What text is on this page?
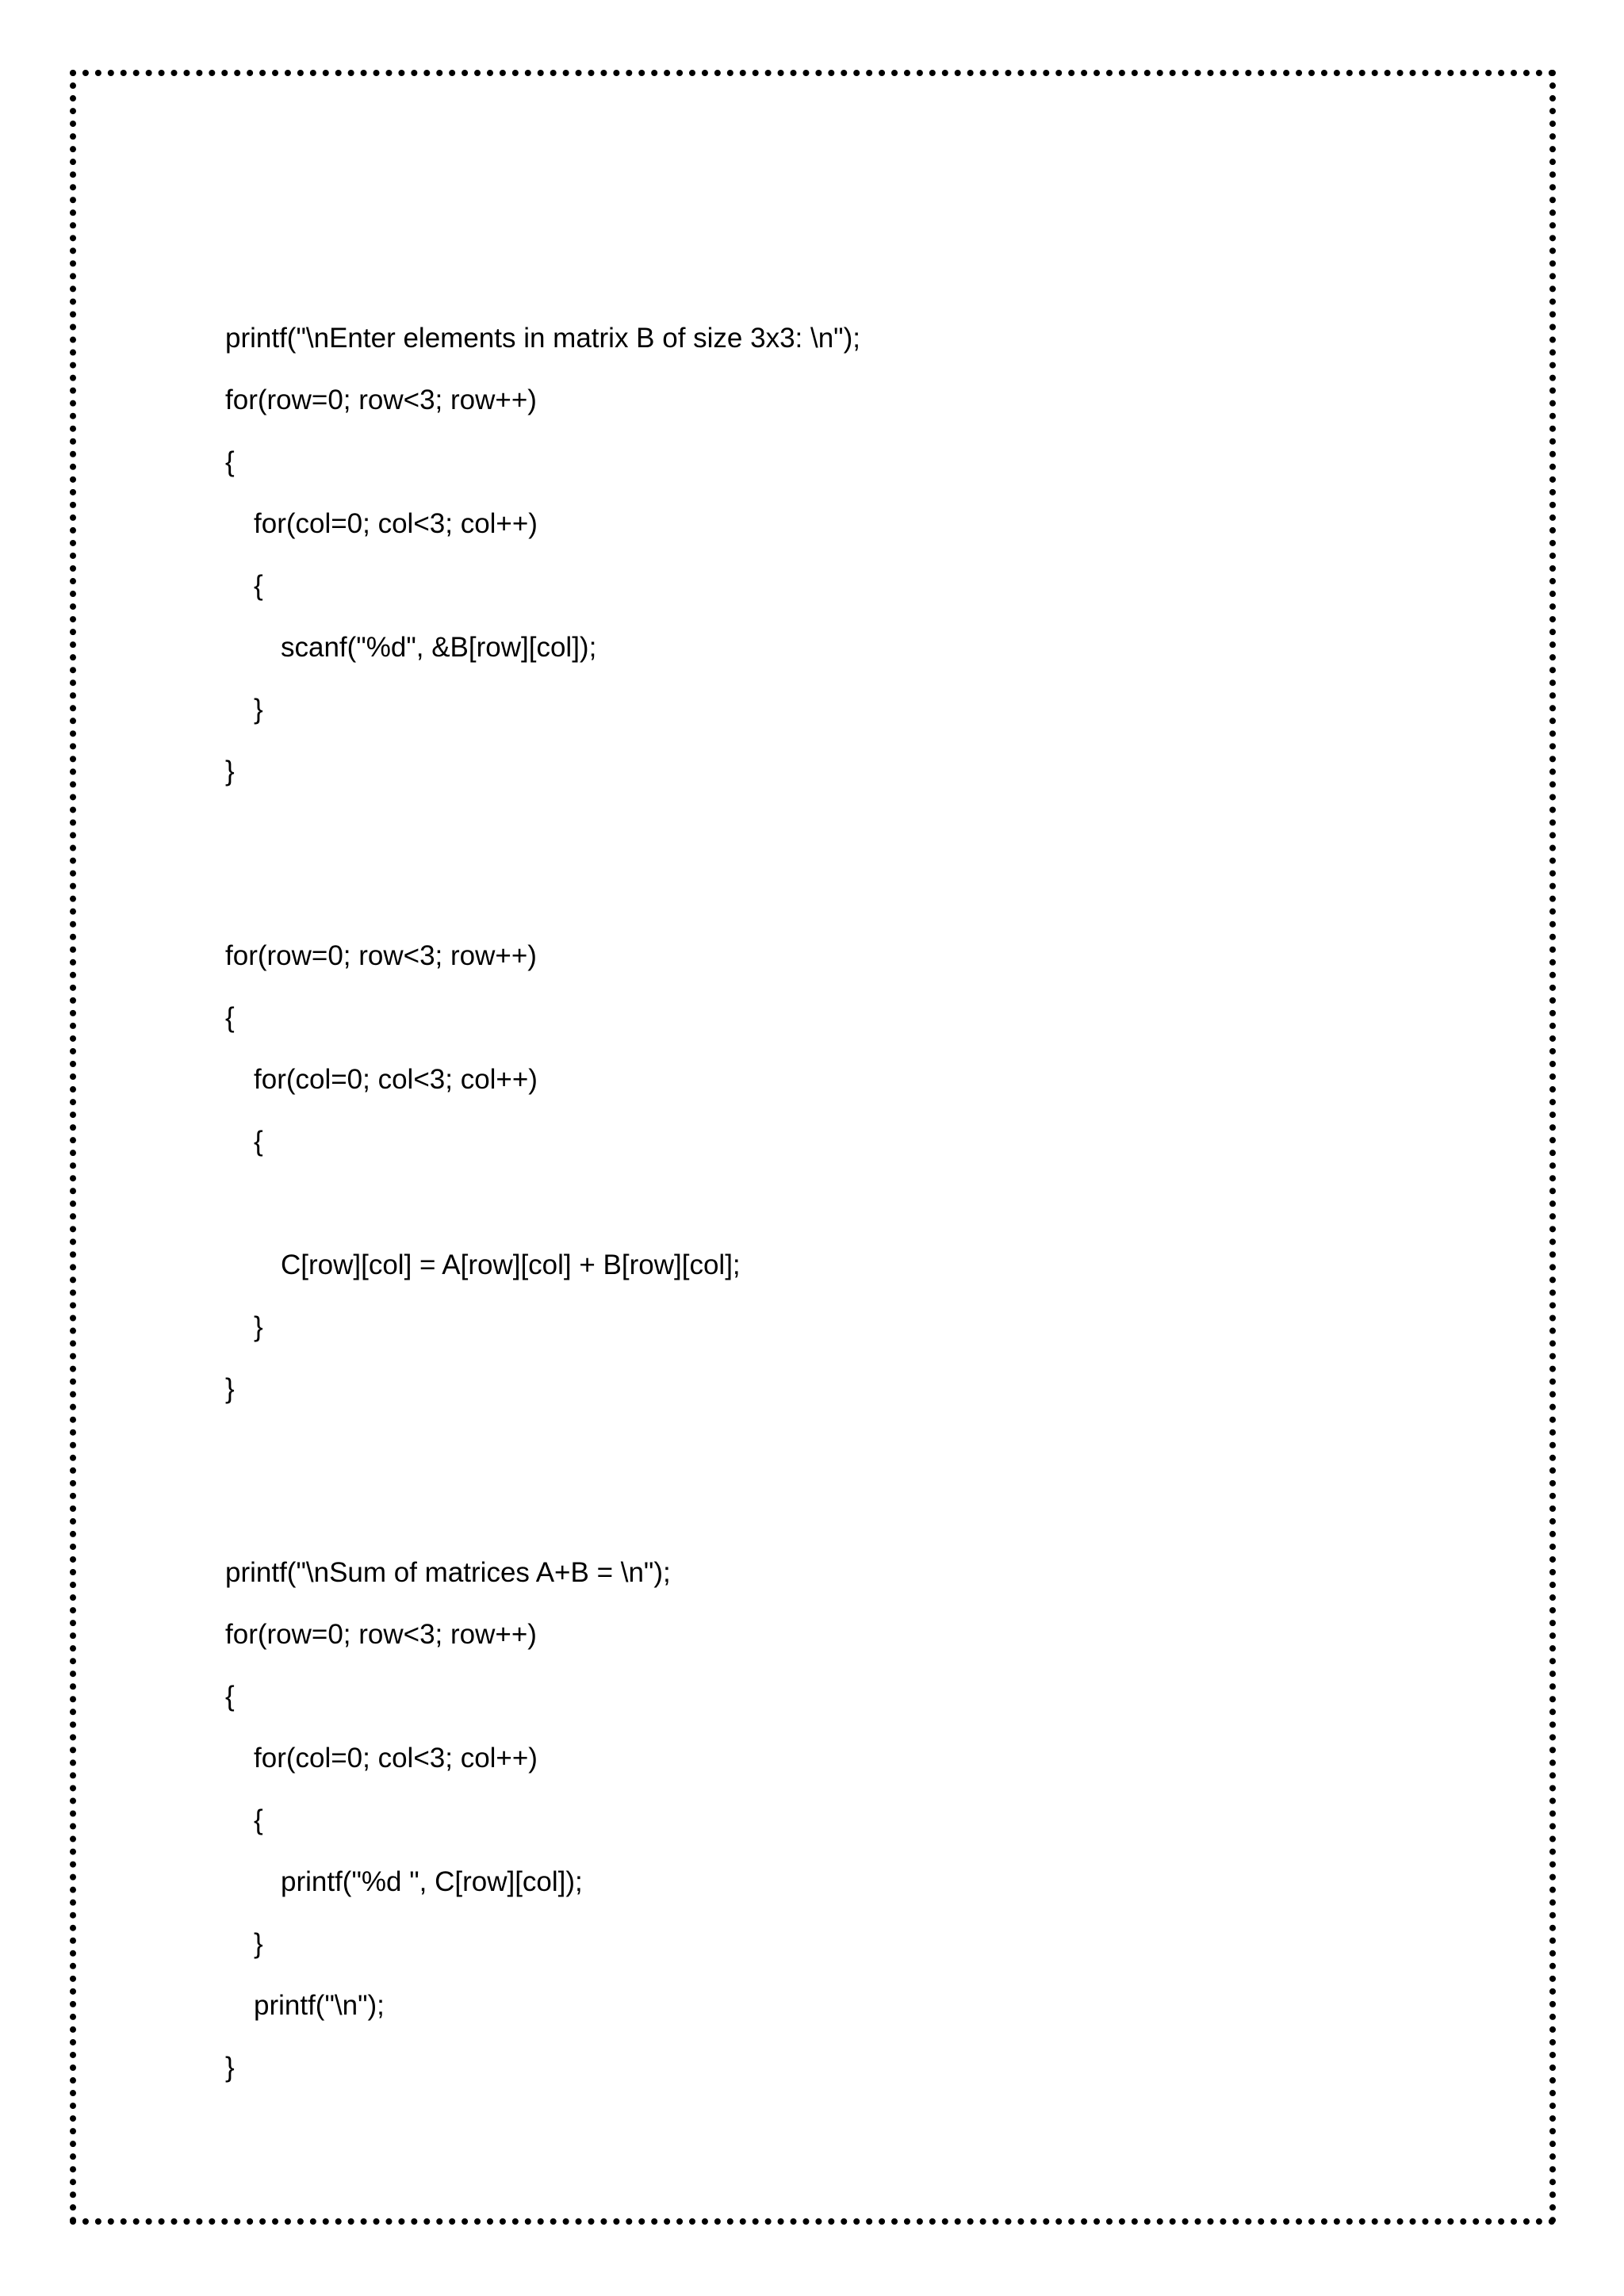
printf("\nEnter elements in matrix B of size 3x3: \n");
for(row=0; row<3; row++)
{
for(col=0; col<3; col++)
{
scanf("%d", &B[row][col]);
}
}
for(row=0; row<3; row++)
{
for(col=0; col<3; col++)
{
C[row][col] = A[row][col] + B[row][col];
}
}
printf("\nSum of matrices A+B = \n");
for(row=0; row<3; row++)
{
for(col=0; col<3; col++)
{
printf("%d ", C[row][col]);
}
printf("\n");
}
